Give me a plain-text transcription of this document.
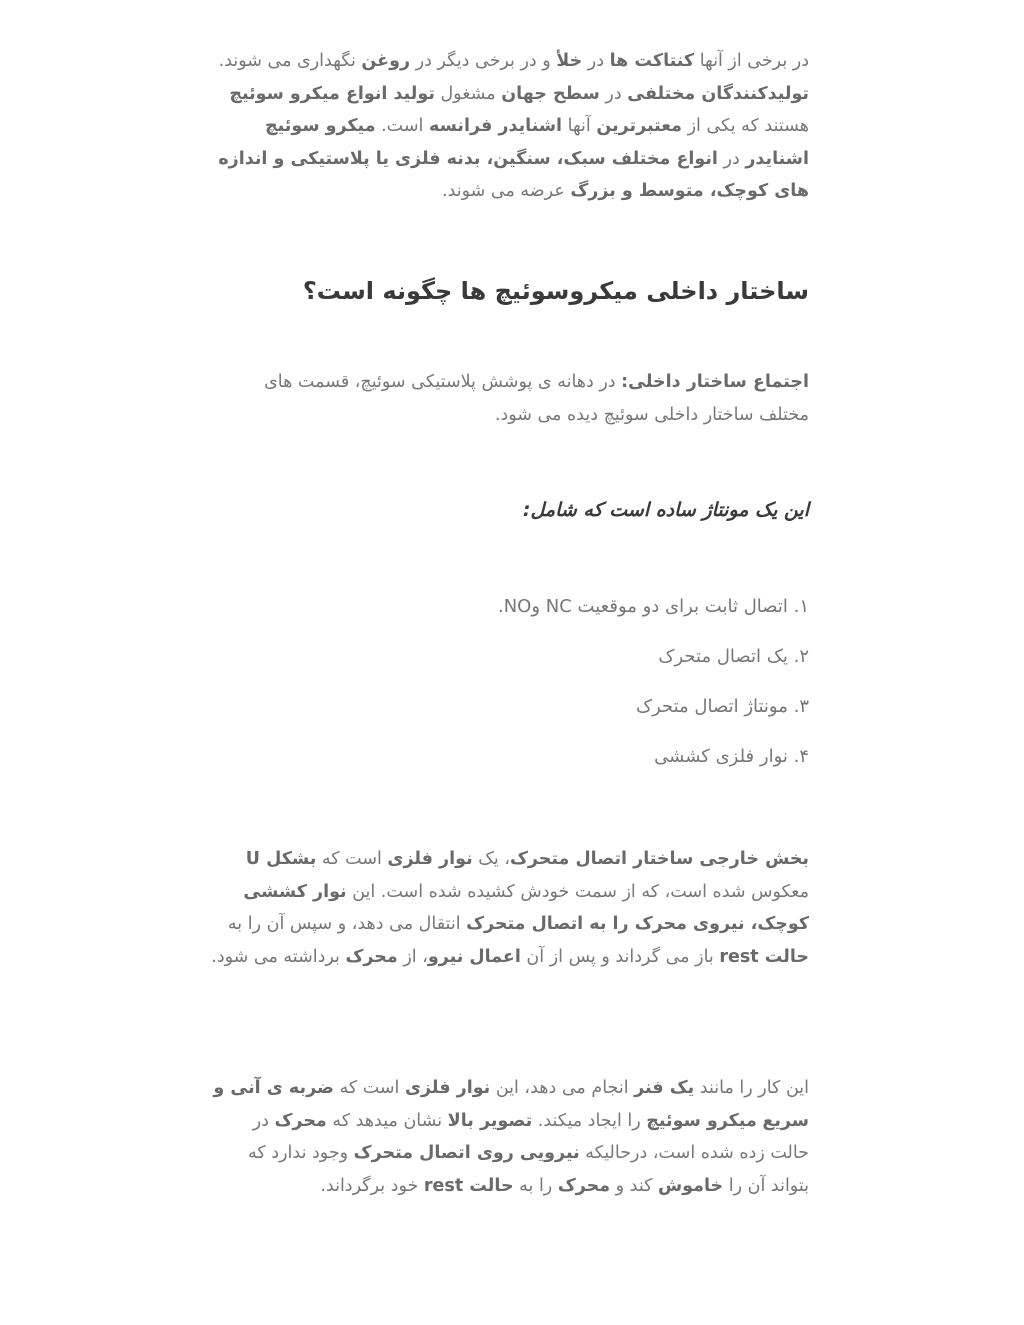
در برخی از آنها کنتاکت ها در خلأ و در برخی دیگر در روغن نگهداری می شوند. تولیدکنندگان مختلفی در سطح جهان مشغول تولید انواع میکرو سوئیچ هستند که یکی از معتبرترین آنها اشنایدر فرانسه است. میکرو سوئیچ اشنایدر در انواع مختلف سبک، سنگین، بدنه فلزی یا پلاستیکی و اندازه های کوچک، متوسط و بزرگ عرضه می شوند.

ساختار داخلی میکروسوئیچ ها چگونه است؟

اجتماع ساختار داخلی: در دهانه ی پوشش پلاستیکی سوئیچ، قسمت های مختلف ساختار داخلی سوئیچ دیده می شود.

این یک مونتاژ ساده است که شامل:

۱. اتصال ثابت برای دو موقعیت NC وNO.

۲. یک اتصال متحرک

۳. مونتاژ اتصال متحرک

۴. نوار فلزی کششی

بخش خارجی ساختار اتصال متحرک، یک نوار فلزی است که بشکل U معکوس شده است، که از سمت خودش کشیده شده است. این نوار کششی کوچک، نیروی محرک را به اتصال متحرک انتقال می دهد، و سپس آن را به حالت rest باز می گرداند و پس از آن اعمال نیرو، از محرک برداشته می شود.

این کار را مانند یک فنر انجام می دهد، این نوار فلزی است که ضربه ی آنی و سریع میکرو سوئیچ را ایجاد میکند. تصویر بالا نشان میدهد که محرک در حالت زده شده است، درحالیکه نیرویی روی اتصال متحرک وجود ندارد که بتواند آن را خاموش کند و محرک را به حالت rest خود برگرداند.
